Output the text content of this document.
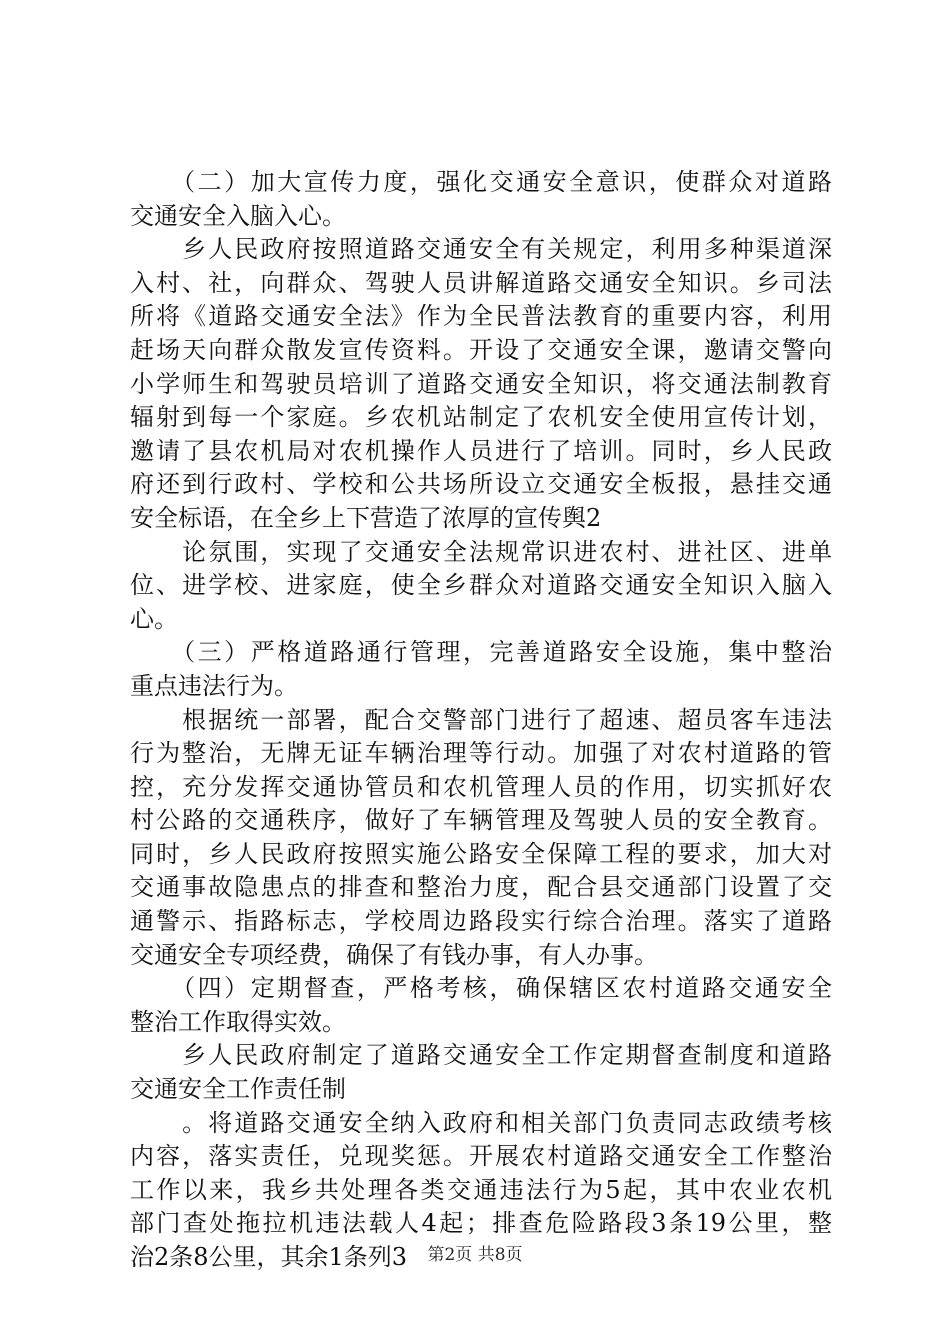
　　（二）加大宣传力度，强化交通安全意识，使群众对道路
交通安全入脑入心。
　　乡人民政府按照道路交通安全有关规定，利用多种渠道深
入村、社，向群众、驾驶人员讲解道路交通安全知识。乡司法
所将《道路交通安全法》作为全民普法教育的重要内容，利用
赶场天向群众散发宣传资料。开设了交通安全课，邀请交警向
小学师生和驾驶员培训了道路交通安全知识，将交通法制教育
辐射到每一个家庭。乡农机站制定了农机安全使用宣传计划，
邀请了县农机局对农机操作人员进行了培训。同时，乡人民政
府还到行政村、学校和公共场所设立交通安全板报，悬挂交通
安全标语，在全乡上下营造了浓厚的宣传舆2
　　论氛围，实现了交通安全法规常识进农村、进社区、进单
位、进学校、进家庭，使全乡群众对道路交通安全知识入脑入
心。
　　（三）严格道路通行管理，完善道路安全设施，集中整治
重点违法行为。
　　根据统一部署，配合交警部门进行了超速、超员客车违法
行为整治，无牌无证车辆治理等行动。加强了对农村道路的管
控，充分发挥交通协管员和农机管理人员的作用，切实抓好农
村公路的交通秩序，做好了车辆管理及驾驶人员的安全教育。
同时，乡人民政府按照实施公路安全保障工程的要求，加大对
交通事故隐患点的排查和整治力度，配合县交通部门设置了交
通警示、指路标志，学校周边路段实行综合治理。落实了道路
交通安全专项经费，确保了有钱办事，有人办事。
　　（四）定期督查，严格考核，确保辖区农村道路交通安全
整治工作取得实效。
　　乡人民政府制定了道路交通安全工作定期督查制度和道路
交通安全工作责任制
　　。将道路交通安全纳入政府和相关部门负责同志政绩考核
内容，落实责任，兑现奖惩。开展农村道路交通安全工作整治
工作以来，我乡共处理各类交通违法行为5起，其中农业农机
部门查处拖拉机违法载人4起；排查危险路段3条19公里，整
治2条8公里，其余1条列3	第2页 共8页
